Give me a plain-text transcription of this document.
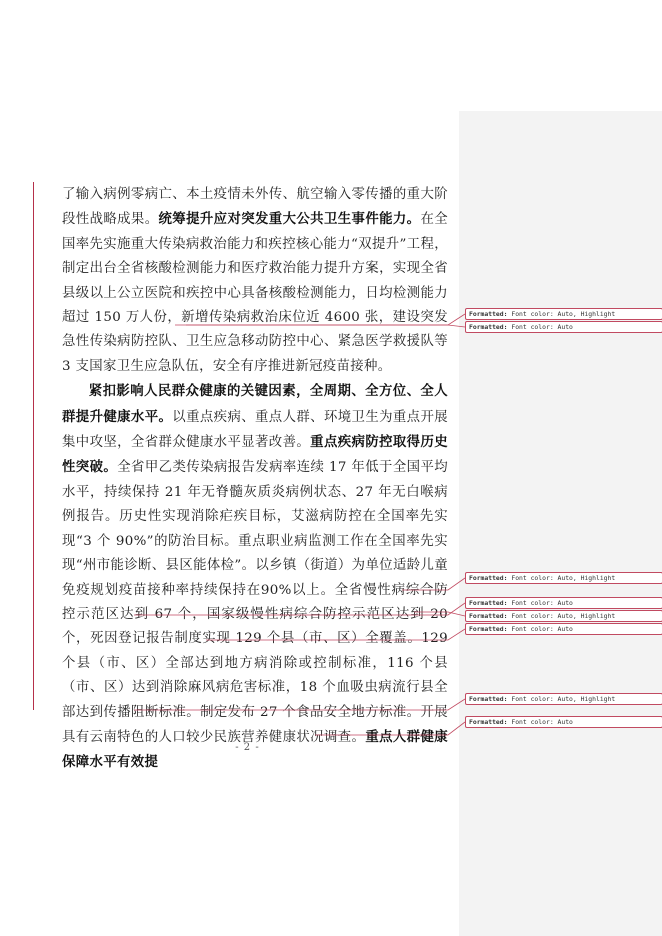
了输入病例零病亡、本土疫情未外传、航空输入零传播的重大阶段性战略成果。统筹提升应对突发重大公共卫生事件能力。在全国率先实施重大传染病救治能力和疾控核心能力“双提升”工程，制定出台全省核酸检测能力和医疗救治能力提升方案，实现全省县级以上公立医院和疾控中心具备核酸检测能力，日均检测能力超过 150 万人份，新增传染病救治床位近 4600 张，建设突发急性传染病防控队、卫生应急移动防控中心、紧急医学救援队等 3 支国家卫生应急队伍，安全有序推进新冠疫苗接种。

紧扣影响人民群众健康的关键因素，全周期、全方位、全人群提升健康水平。以重点疾病、重点人群、环境卫生为重点开展集中攻坚，全省群众健康水平显著改善。重点疾病防控取得历史性突破。全省甲乙类传染病报告发病率连续 17 年低于全国平均水平，持续保持 21 年无脊髓灰质炎病例状态、27 年无白喉病例报告。历史性实现消除疟疾目标，艾滋病防控在全国率先实现“3 个 90%”的防治目标。重点职业病监测工作在全国率先实现“州市能诊断、县区能体检”。以乡镇（街道）为单位适龄儿童免疫规划疫苗接种率持续保持在90%以上。全省慢性病综合防控示范区达到 67 个，国家级慢性病综合防控示范区达到 20 个，死因登记报告制度实现 129 个县（市、区）全覆盖。129 个县（市、区）全部达到地方病消除或控制标准，116 个县（市、区）达到消除麻风病危害标准，18 个血吸虫病流行县全部达到传播阻断标准。制定发布 27 个食品安全地方标准。开展具有云南特色的人口较少民族营养健康状况调查。重点人群健康保障水平有效提

- 2 -
Formatted: Font color: Auto, Highlight
Formatted: Font color: Auto
Formatted: Font color: Auto, Highlight
Formatted: Font color: Auto
Formatted: Font color: Auto, Highlight
Formatted: Font color: Auto
Formatted: Font color: Auto, Highlight
Formatted: Font color: Auto
